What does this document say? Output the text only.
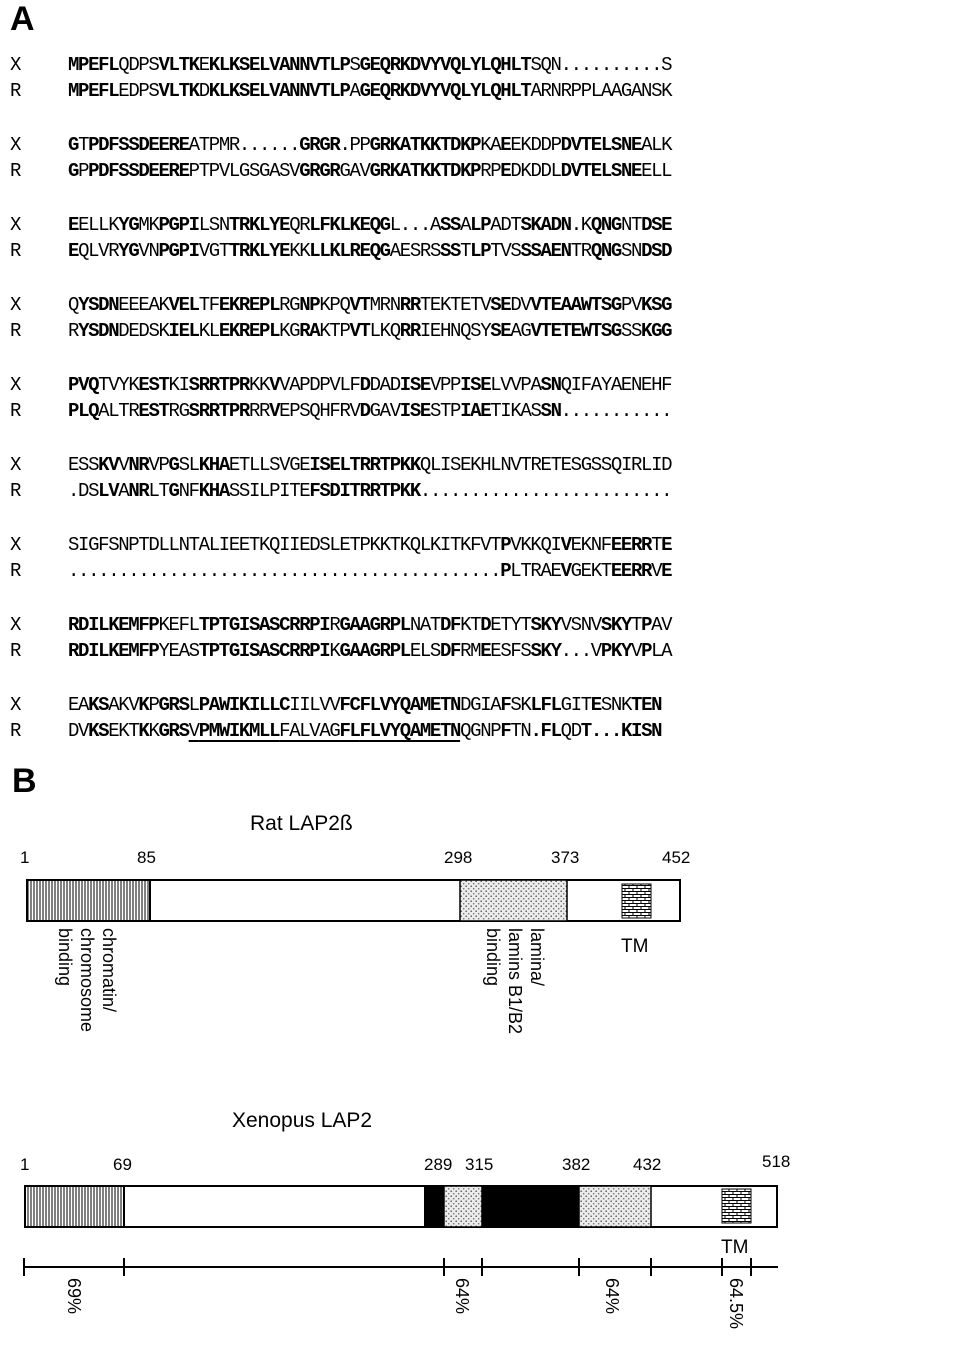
A
X MPEFLQDPSVLTKEKLKSELVANNVTLPSGEQRKDVYVQLYLQHLTSQN..........S
R MPEFLEDPSVLTKDKLKSELVANNVTLPAGEQRKDVYVQLYLQHLTARNRPPLAAGANSK
X GTPDFSSDEEREATPMR......GRGR.PPGRKATKKTDKPKAEEKDDPDVTELSNEALK
R GPPDFSSDEEREPTPVLGSGASVGRGRGAVGRKATKKTDKPRPEDKDDLDVTELSNEELL
X EELLKYGMKPGPILSNTRKLYEQRLFKLKEQGL...ASSALPADTSKADN.KQNGNTDSE
R EQLVRYGVNPGPIVGTTRKLYEKKLLKLREQGAESRSSSTLPTVSSSAENTRQNGSNDSD
X QYSDNEEEAKVELTFEKREPLRGNPKPQVTMRNRRTEKTETVSEDVVTEAAWTSGPVKSG
R RYSDNDEDSKIELKLEKREPLKGRAKTPVTLKQRRIEHNQSYSEAGVTETEWTSGSSKGG
X PVQTVYKESTKISRRTPRKKVVAPDPVLFDDADISEVPPISELVVPASNQIFAYAENEHF
R PLQALTRESTRGSRRTPRRRVEPSQHFRVDGAVISESTPIAETIKASSN...........
X ESSKVVNRVPGSLKHAETLLSVGEISELTRRTPKKQLISEKHLNVTRETESGSSQIRLID
R .DSLVANRLTGNFKHASSILPITEFSDITRRTPKK.........................
X SIGFSNPTDLLNTALIEETKQIIEDSLETPKKTKQLKITKFVTPVKKQIVEKNFEERRTE
R ...........................................PLTRAEVGEKTEERRVE
X RDILKEMFPKEFLTPTGISASCRRPIRGAAGRPLNATDFKTDETYTSKYVSNVSKYTPAV
R RDILKEMFPYEASTPTGISASCRRPIKGAAGRPLELSDFRMEESFSSKY...VPKYVPLA
X EAKSAKVKPGRSLPAWIKILLCIILVVFCFLVYQAMETNDGIAFSKLFLGITESNKTEN
R DVKSEKTKKGRSVPMWIKMLLFALVAGFLFLVYQAMETNQGNPFTN.FLQDT...KISN
B
Rat LAP2ß
1	85	298	373	452
TM
chromatin/
chromosome
binding	lamina/
lamins B1/B2
binding
Xenopus LAP2
1	69	289 315	382	432	518
TM
69%	64%	64%	64.5%
